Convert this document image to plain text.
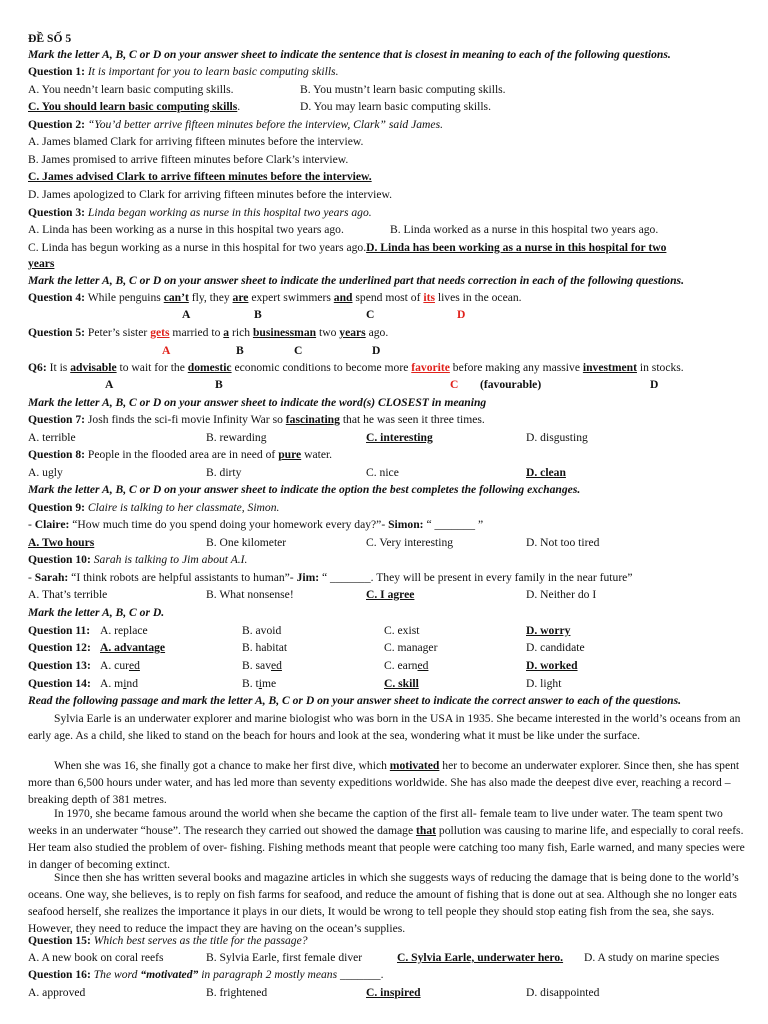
ĐỀ SỐ 5
Mark the letter A, B, C or D on your answer sheet to indicate the sentence that is closest in meaning to each of the following questions.
Question 1: It is important for you to learn basic computing skills.
A. You needn’t learn basic computing skills.	B. You mustn’t learn basic computing skills.
C. You should learn basic computing skills.	D. You may learn basic computing skills.
Question 2: “You’d better arrive fifteen minutes before the interview, Clark” said James.
A. James blamed Clark for arriving fifteen minutes before the interview.
B. James promised to arrive fifteen minutes before Clark’s interview.
C. James advised Clark to arrive fifteen minutes before the interview.
D. James apologized to Clark for arriving fifteen minutes before the interview.
Question 3: Linda began working as nurse in this hospital two years ago.
A. Linda has been working as a nurse in this hospital two years ago.	B. Linda worked as a nurse in this hospital two years ago.
C. Linda has begun working as a nurse in this hospital for two years ago.D. Linda has been working as a nurse in this hospital for two
years
Mark the letter A, B, C or D on your answer sheet to indicate the underlined part that needs correction in each of the following questions.
Question 4: While penguins can’t fly, they are expert swimmers and spend most of its lives in the ocean.
A	B	C	D
Question 5: Peter’s sister gets married to a rich businessman two years ago.
A	B	C	D
Q6: It is advisable to wait for the domestic economic conditions to become more favorite before making any massive investment in stocks.
A	B	C (favourable)	D
Mark the letter A, B, C or D on your answer sheet to indicate the word(s) CLOSEST in meaning
Question 7: Josh finds the sci-fi movie Infinity War so fascinating that he was seen it three times.
A. terrible	B. rewarding	C. interesting	D. disgusting
Question 8: People in the flooded area are in need of pure water.
A. ugly	B. dirty	C. nice	D. clean
Mark the letter A, B, C or D on your answer sheet to indicate the option the best completes the following exchanges.
Question 9: Claire is talking to her classmate, Simon.
- Claire: “How much time do you spend doing your homework every day?”- Simon: “ _______ ”
A. Two hours	B. One kilometer	C. Very interesting	D. Not too tired
Question 10: Sarah is talking to Jim about A.I.
- Sarah: “I think robots are helpful assistants to human”- Jim: “ _______. They will be present in every family in the near future”
A. That’s terrible	B. What nonsense!	C. I agree	D. Neither do I
Mark the letter A, B, C or D.
Question 11: A. replace	B. avoid	C. exist	D. worry
Question 12: A. advantage	B. habitat	C. manager	D. candidate
Question 13: A. cured	B. saved	C. earned	D. worked
Question 14: A. mind	B. time	C. skill	D. light
Read the following passage and mark the letter A, B, C or D on your answer sheet to indicate the correct answer to each of the questions.
Sylvia Earle is an underwater explorer and marine biologist who was born in the USA in 1935. She became interested in the world’s oceans from an early age. As a child, she liked to stand on the beach for hours and look at the sea, wondering what it must be like under the surface.
When she was 16, she finally got a chance to make her first dive, which motivated her to become an underwater explorer. Since then, she has spent more than 6,500 hours under water, and has led more than seventy expeditions worldwide. She has also made the deepest dive ever, reaching a record – breaking depth of 381 metres.
In 1970, she became famous around the world when she became the caption of the first all- female team to live under water. The team spent two weeks in an underwater “house”. The research they carried out showed the damage that pollution was causing to marine life, and especially to coral reefs. Her team also studied the problem of over- fishing. Fishing methods meant that people were catching too many fish, Earle warned, and many species were in danger of becoming extinct.
Since then she has written several books and magazine articles in which she suggests ways of reducing the damage that is being done to the world’s oceans. One way, she believes, is to reply on fish farms for seafood, and reduce the amount of fishing that is done out at sea. Although she no longer eats seafood herself, she realizes the importance it plays in our diets, It would be wrong to tell people they should stop eating fish from the sea, she says. However, they need to reduce the impact they are having on the ocean’s supplies.
Question 15: Which best serves as the title for the passage?
A. A new book on coral reefs	B. Sylvia Earle, first female diver	C. Sylvia Earle, underwater hero. D. A study on marine species
Question 16: The word “motivated” in paragraph 2 mostly means _______.
A. approved	B. frightened	C. inspired	D. disappointed
